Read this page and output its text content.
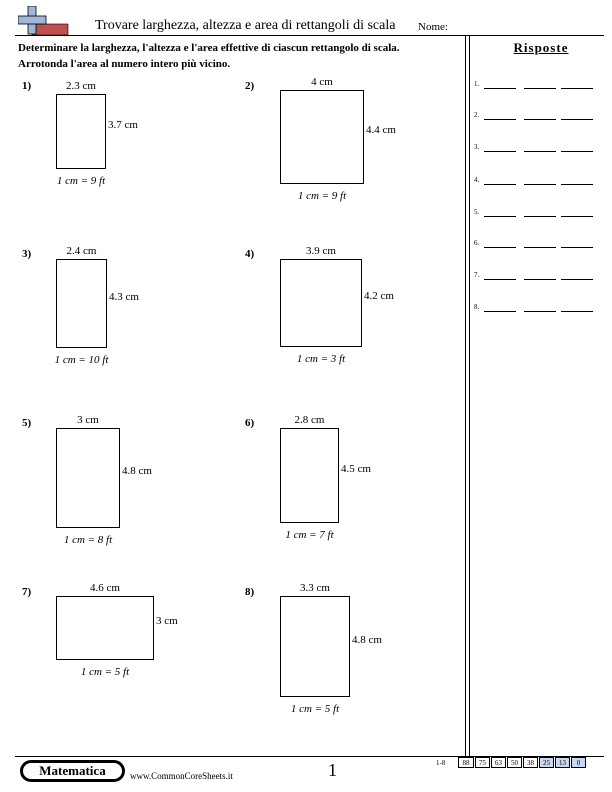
Trovare larghezza, altezza e area di rettangoli di scala Nome:
Determinare la larghezza, l'altezza e l'area effettive di ciascun rettangolo di scala.
Arrotonda l'area al numero intero più vicino.
Risposte
1.
2.
3.
4.
5.
6.
7.
8.
1)	2.3 cm
3.7 cm
1 cm = 9 ft
2)	4 cm
4.4 cm
1 cm = 9 ft
3)	2.4 cm
4.3 cm
1 cm = 10 ft
4)	3.9 cm
4.2 cm
1 cm = 3 ft
5)	3 cm
4.8 cm
1 cm = 8 ft
6)	2.8 cm
4.5 cm
1 cm = 7 ft
7)	4.6 cm
3 cm
1 cm = 5 ft
8)	3.3 cm
4.8 cm
1 cm = 5 ft
Matematica	www.CommonCoreSheets.it	1	1-8	88	75	63	50	38	25	13	0
